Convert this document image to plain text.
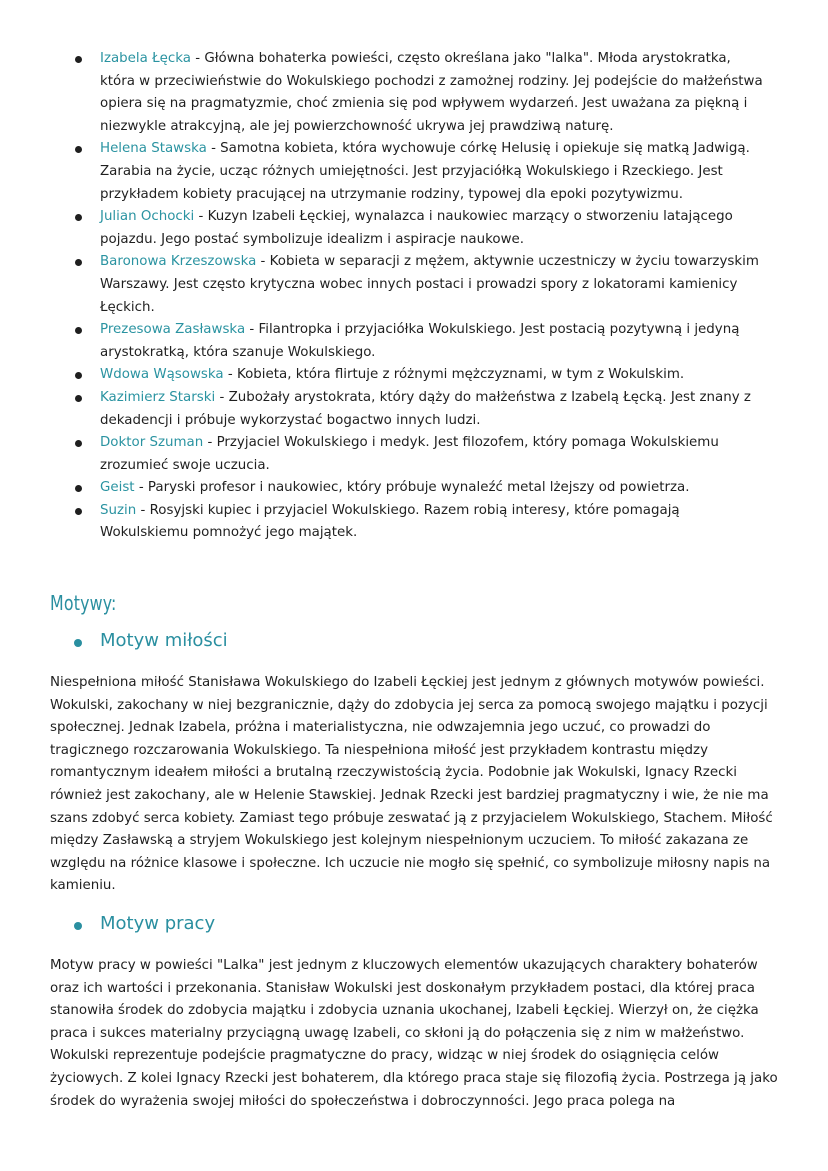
Izabela Łęcka - Główna bohaterka powieści, często określana jako "lalka". Młoda arystokratka, która w przeciwieństwie do Wokulskiego pochodzi z zamożnej rodziny. Jej podejście do małżeństwa opiera się na pragmatyzmie, choć zmienia się pod wpływem wydarzeń. Jest uważana za piękną i niezwykle atrakcyjną, ale jej powierzchowność ukrywa jej prawdziwą naturę.
Helena Stawska - Samotna kobieta, która wychowuje córkę Helusię i opiekuje się matką Jadwigą. Zarabia na życie, ucząc różnych umiejętności. Jest przyjaciółką Wokulskiego i Rzeckiego. Jest przykładem kobiety pracującej na utrzymanie rodziny, typowej dla epoki pozytywizmu.
Julian Ochocki - Kuzyn Izabeli Łęckiej, wynalazca i naukowiec marzący o stworzeniu latającego pojazdu. Jego postać symbolizuje idealizm i aspiracje naukowe.
Baronowa Krzeszowska - Kobieta w separacji z mężem, aktywnie uczestniczy w życiu towarzyskim Warszawy. Jest często krytyczna wobec innych postaci i prowadzi spory z lokatorami kamienicy Łęckich.
Prezesowa Zasławska - Filantropka i przyjaciółka Wokulskiego. Jest postacią pozytywną i jedyną arystokratką, która szanuje Wokulskiego.
Wdowa Wąsowska - Kobieta, która flirtuje z różnymi mężczyznami, w tym z Wokulskim.
Kazimierz Starski - Zubożały arystokrata, który dąży do małżeństwa z Izabelą Łęcką. Jest znany z dekadencji i próbuje wykorzystać bogactwo innych ludzi.
Doktor Szuman - Przyjaciel Wokulskiego i medyk. Jest filozofem, który pomaga Wokulskiemu zrozumieć swoje uczucia.
Geist - Paryski profesor i naukowiec, który próbuje wynaleźć metal lżejszy od powietrza.
Suzin - Rosyjski kupiec i przyjaciel Wokulskiego. Razem robią interesy, które pomagają Wokulskiemu pomnożyć jego majątek.
Motywy:
Motyw miłości

Niespełniona miłość Stanisława Wokulskiego do Izabeli Łęckiej jest jednym z głównych motywów powieści. Wokulski, zakochany w niej bezgranicznie, dąży do zdobycia jej serca za pomocą swojego majątku i pozycji społecznej. Jednak Izabela, próżna i materialistyczna, nie odwzajemnia jego uczuć, co prowadzi do tragicznego rozczarowania Wokulskiego. Ta niespełniona miłość jest przykładem kontrastu między romantycznym ideałem miłości a brutalną rzeczywistością życia. Podobnie jak Wokulski, Ignacy Rzecki również jest zakochany, ale w Helenie Stawskiej. Jednak Rzecki jest bardziej pragmatyczny i wie, że nie ma szans zdobyć serca kobiety. Zamiast tego próbuje zeswatać ją z przyjacielem Wokulskiego, Stachem. Miłość między Zasławską a stryjem Wokulskiego jest kolejnym niespełnionym uczuciem. To miłość zakazana ze względu na różnice klasowe i społeczne. Ich uczucie nie mogło się spełnić, co symbolizuje miłosny napis na kamieniu.

Motyw pracy

Motyw pracy w powieści "Lalka" jest jednym z kluczowych elementów ukazujących charaktery bohaterów oraz ich wartości i przekonania. Stanisław Wokulski jest doskonałym przykładem postaci, dla której praca stanowiła środek do zdobycia majątku i zdobycia uznania ukochanej, Izabeli Łęckiej. Wierzył on, że ciężka praca i sukces materialny przyciągną uwagę Izabeli, co skłoni ją do połączenia się z nim w małżeństwo. Wokulski reprezentuje podejście pragmatyczne do pracy, widząc w niej środek do osiągnięcia celów życiowych. Z kolei Ignacy Rzecki jest bohaterem, dla którego praca staje się filozofią życia. Postrzega ją jako środek do wyrażenia swojej miłości do społeczeństwa i dobroczynności. Jego praca polega na
